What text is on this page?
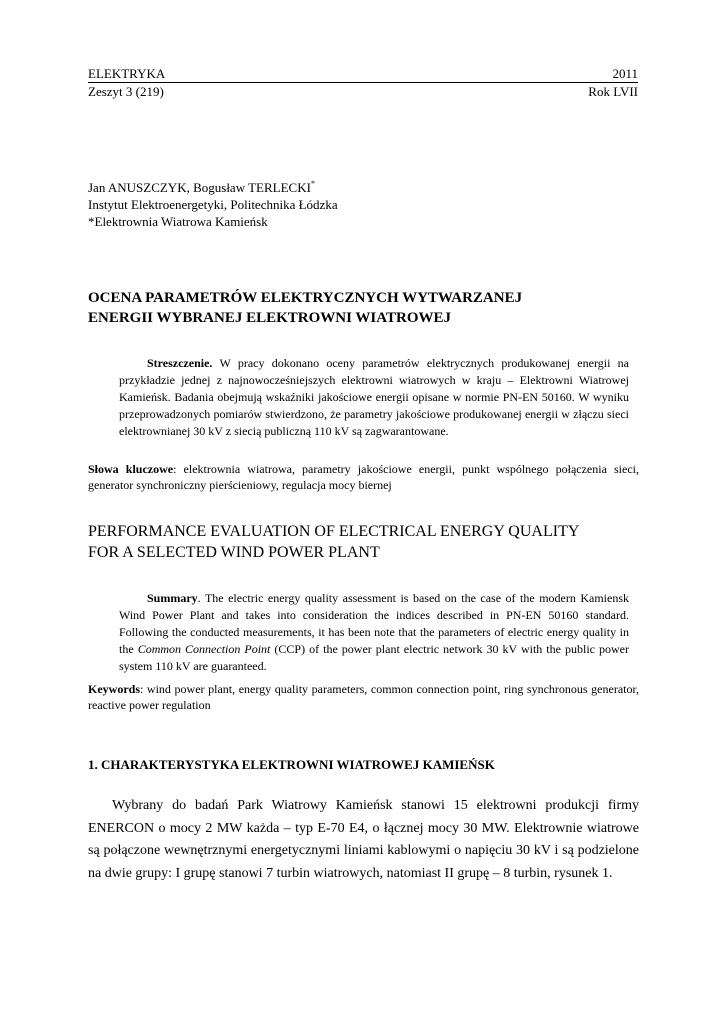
ELEKTRYKA	2011
Zeszyt 3 (219)	Rok LVII
Jan ANUSZCZYK, Bogusław TERLECKI*
Instytut Elektroenergetyki, Politechnika Łódzka
*Elektrownia Wiatrowa Kamieńsk
OCENA PARAMETRÓW ELEKTRYCZNYCH WYTWARZANEJ
ENERGII WYBRANEJ ELEKTROWNI WIATROWEJ
Streszczenie. W pracy dokonano oceny parametrów elektrycznych produkowanej energii na przykładzie jednej z najnowocześniejszych elektrowni wiatrowych w kraju – Elektrowni Wiatrowej Kamieńsk. Badania obejmują wskaźniki jakościowe energii opisane w normie PN-EN 50160. W wyniku przeprowadzonych pomiarów stwierdzono, że parametry jakościowe produkowanej energii w złączu sieci elektrownianej 30 kV z siecią publiczną 110 kV są zagwarantowane.
Słowa kluczowe: elektrownia wiatrowa, parametry jakościowe energii, punkt wspólnego połączenia sieci, generator synchroniczny pierścieniowy, regulacja mocy biernej
PERFORMANCE EVALUATION OF ELECTRICAL ENERGY QUALITY
FOR A SELECTED WIND POWER PLANT
Summary. The electric energy quality assessment is based on the case of the modern Kamiensk Wind Power Plant and takes into consideration the indices described in PN-EN 50160 standard. Following the conducted measurements, it has been note that the parameters of electric energy quality in the Common Connection Point (CCP) of the power plant electric network 30 kV with the public power system 110 kV are guaranteed.
Keywords: wind power plant, energy quality parameters, common connection point, ring synchronous generator, reactive power regulation
1. CHARAKTERYSTYKA ELEKTROWNI WIATROWEJ KAMIEŃSK
Wybrany do badań Park Wiatrowy Kamieńsk stanowi 15 elektrowni produkcji firmy ENERCON o mocy 2 MW każda – typ E-70 E4, o łącznej mocy 30 MW. Elektrownie wiatrowe są połączone wewnętrznymi energetycznymi liniami kablowymi o napięciu 30 kV i są podzielone na dwie grupy: I grupę stanowi 7 turbin wiatrowych, natomiast II grupę – 8 turbin, rysunek 1.
